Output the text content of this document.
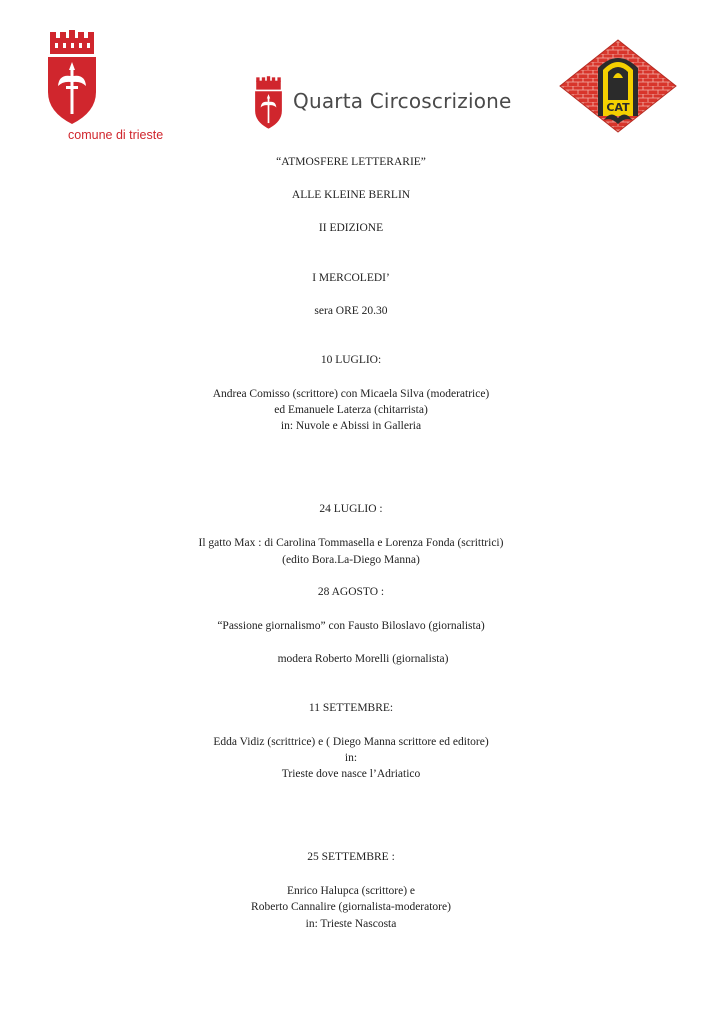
comune di trieste
Quarta Circoscrizione	CAT
“ATMOSFERE LETTERARIE”
ALLE KLEINE BERLIN
II EDIZIONE
I MERCOLEDI’
sera ORE 20.30
10 LUGLIO:
Andrea Comisso (scrittore) con Micaela Silva (moderatrice)
ed Emanuele Laterza (chitarrista)
in: Nuvole e Abissi in Galleria
24 LUGLIO :
Il gatto Max : di Carolina Tommasella e Lorenza Fonda (scrittrici)
(edito Bora.La-Diego Manna)
28 AGOSTO :
“Passione giornalismo” con Fausto Biloslavo (giornalista)
modera Roberto Morelli (giornalista)
11 SETTEMBRE:
Edda Vidiz (scrittrice) e ( Diego Manna scrittore ed editore)
in:
Trieste dove nasce l’Adriatico
25 SETTEMBRE :
Enrico Halupca (scrittore) e
Roberto Cannalire (giornalista-moderatore)
in: Trieste Nascosta
